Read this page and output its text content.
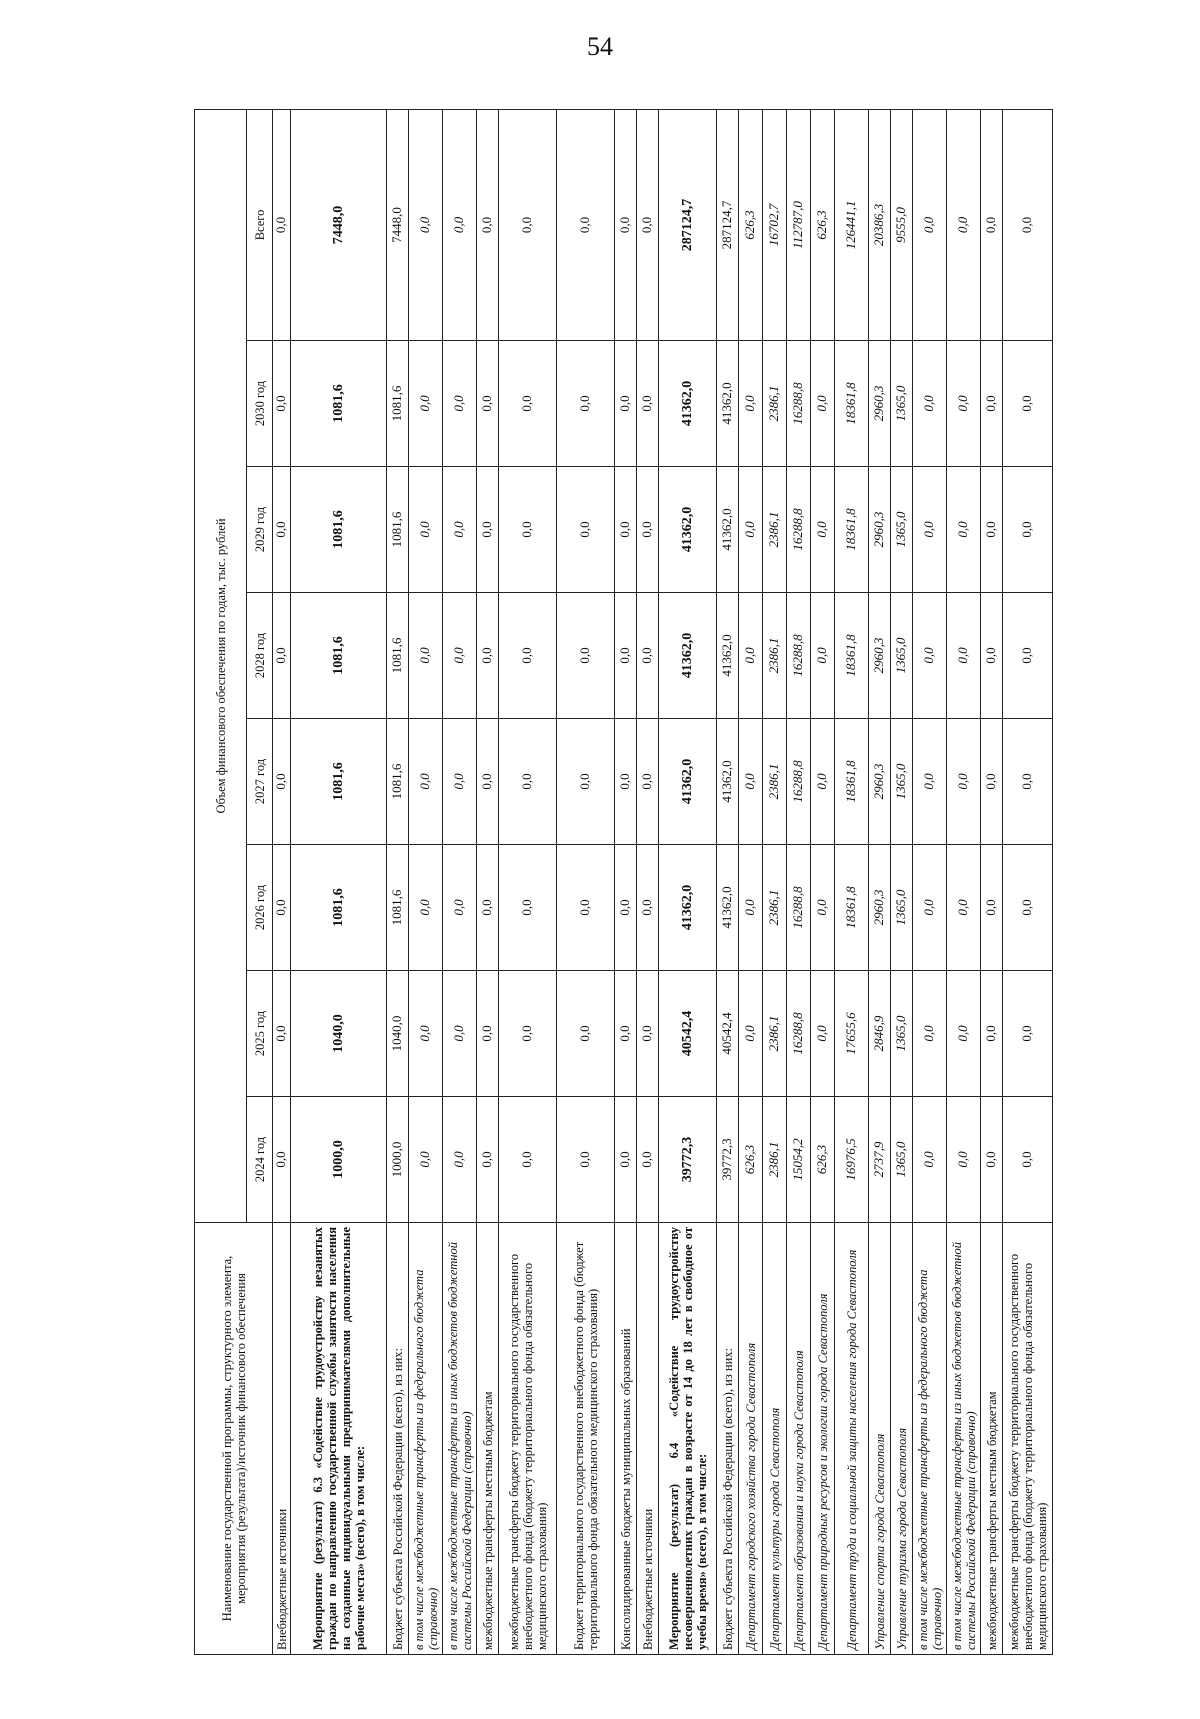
54
Наименование государственной программы, структурного элемента, мероприятия (результата)/источник финансового обеспечения	Объем финансового обеспечения по годам, тыс. рублей							
	2024 год	2025 год	2026 год	2027 год	2028 год	2029 год	2030 год	Всего
Внебюджетные источники	0,0	0,0	0,0	0,0	0,0	0,0	0,0	0,0
Мероприятие (результат) 6.3 «Содействие трудоустройству незанятых граждан по направлению государственной службы занятости населения на созданные индивидуальными предпринимателями дополнительные рабочие места» (всего), в том числе:	1000,0	1040,0	1081,6	1081,6	1081,6	1081,6	1081,6	7448,0
Бюджет субъекта Российской Федерации (всего), из них:	1000,0	1040,0	1081,6	1081,6	1081,6	1081,6	1081,6	7448,0
в том числе межбюджетные трансферты из федерального бюджета (справочно)	0,0	0,0	0,0	0,0	0,0	0,0	0,0	0,0
в том числе межбюджетные трансферты из иных бюджетов бюджетной системы Российской Федерации (справочно)	0,0	0,0	0,0	0,0	0,0	0,0	0,0	0,0
межбюджетные трансферты местным бюджетам	0,0	0,0	0,0	0,0	0,0	0,0	0,0	0,0
межбюджетные трансферты бюджету территориального государственного внебюджетного фонда (бюджету территориального фонда обязательного медицинского страхования)	0,0	0,0	0,0	0,0	0,0	0,0	0,0	0,0
Бюджет территориального государственного внебюджетного фонда (бюджет территориального фонда обязательного медицинского страхования)	0,0	0,0	0,0	0,0	0,0	0,0	0,0	0,0
Консолидированные бюджеты муниципальных образований	0,0	0,0	0,0	0,0	0,0	0,0	0,0	0,0
Внебюджетные источники	0,0	0,0	0,0	0,0	0,0	0,0	0,0	0,0
Мероприятие (результат) 6.4 «Содействие трудоустройству несовершеннолетних граждан в возрасте от 14 до 18 лет в свободное от учебы время» (всего), в том числе:	39772,3	40542,4	41362,0	41362,0	41362,0	41362,0	41362,0	287124,7
Бюджет субъекта Российской Федерации (всего), из них:	39772,3	40542,4	41362,0	41362,0	41362,0	41362,0	41362,0	287124,7
Департамент городского хозяйства города Севастополя	626,3	0,0	0,0	0,0	0,0	0,0	0,0	626,3
Департамент культуры города Севастополя	2386,1	2386,1	2386,1	2386,1	2386,1	2386,1	2386,1	16702,7
Департамент образования и науки города Севастополя	15054,2	16288,8	16288,8	16288,8	16288,8	16288,8	16288,8	112787,0
Департамент природных ресурсов и экологии города Севастополя	626,3	0,0	0,0	0,0	0,0	0,0	0,0	626,3
Департамент труда и социальной защиты населения города Севастополя	16976,5	17655,6	18361,8	18361,8	18361,8	18361,8	18361,8	126441,1
Управление спорта города Севастополя	2737,9	2846,9	2960,3	2960,3	2960,3	2960,3	2960,3	20386,3
Управление туризма города Севастополя	1365,0	1365,0	1365,0	1365,0	1365,0	1365,0	1365,0	9555,0
в том числе межбюджетные трансферты из федерального бюджета (справочно)	0,0	0,0	0,0	0,0	0,0	0,0	0,0	0,0
в том числе межбюджетные трансферты из иных бюджетов бюджетной системы Российской Федерации (справочно)	0,0	0,0	0,0	0,0	0,0	0,0	0,0	0,0
межбюджетные трансферты местным бюджетам	0,0	0,0	0,0	0,0	0,0	0,0	0,0	0,0
межбюджетные трансферты бюджету территориального государственного внебюджетного фонда (бюджету территориального фонда обязательного медицинского страхования)	0,0	0,0	0,0	0,0	0,0	0,0	0,0	0,0
